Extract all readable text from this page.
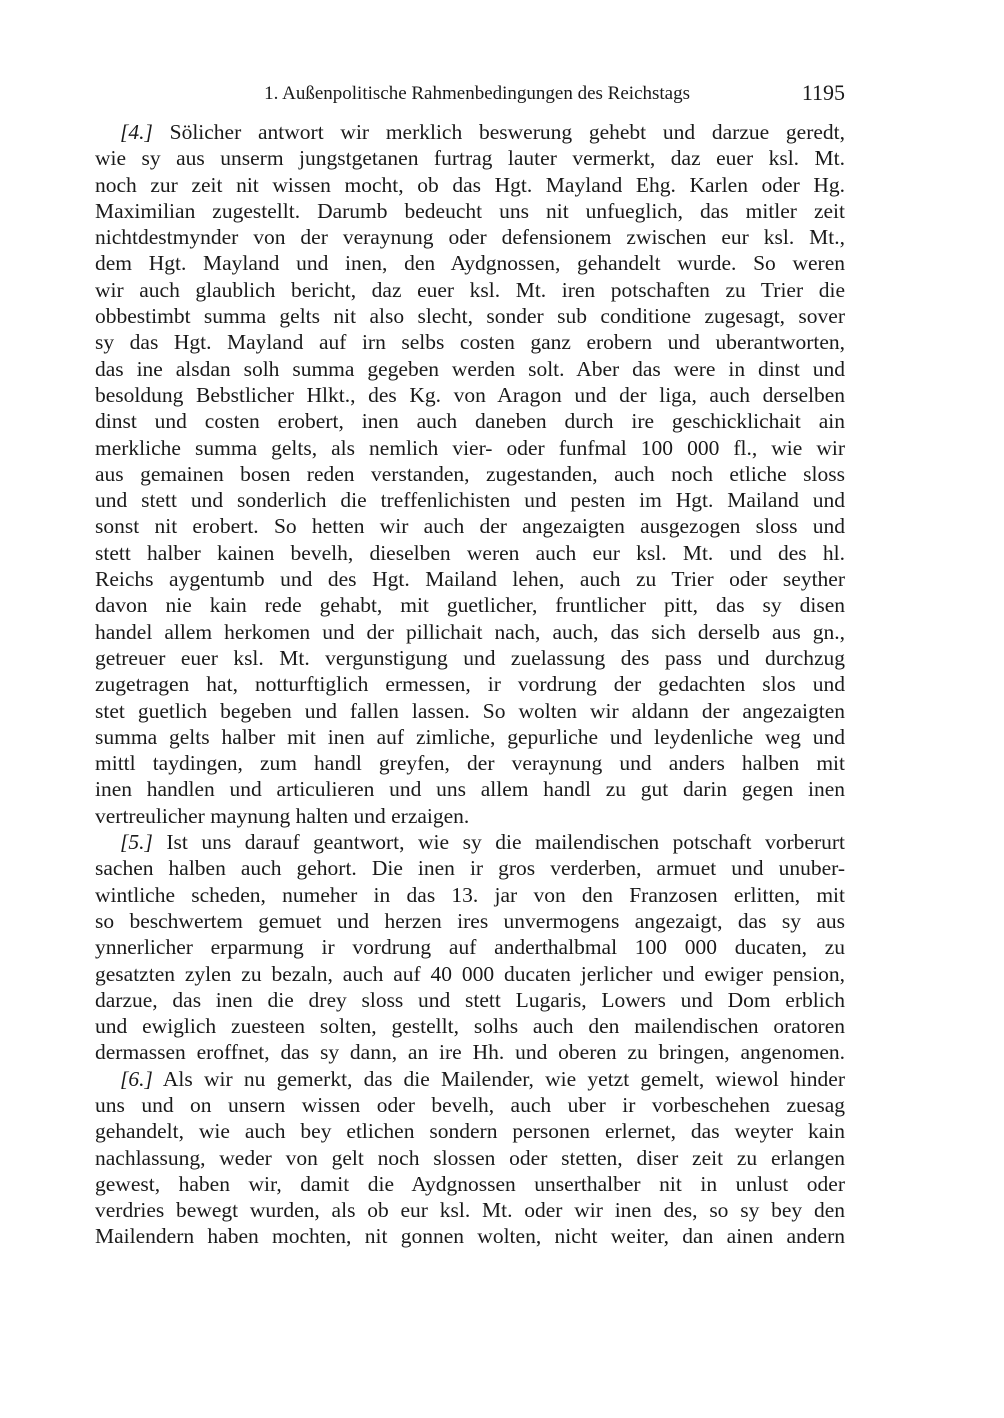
1. Außenpolitische Rahmenbedingungen des Reichstags	1195
[4.] Sölicher antwort wir merklich beswerung gehebt und darzue geredt,
wie sy aus unserm jungstgetanen furtrag lauter vermerkt, daz euer ksl. Mt.
noch zur zeit nit wissen mocht, ob das Hgt. Mayland Ehg. Karlen oder Hg.
Maximilian zugestellt. Darumb bedeucht uns nit unfueglich, das mitler zeit
nichtdestmynder von der veraynung oder defensionem zwischen eur ksl. Mt.,
dem Hgt. Mayland und inen, den Aydgnossen, gehandelt wurde. So weren
wir auch glaublich bericht, daz euer ksl. Mt. iren potschaften zu Trier die
obbestimbt summa gelts nit also slecht, sonder sub conditione zugesagt, sover
sy das Hgt. Mayland auf irn selbs costen ganz erobern und uberantworten,
das ine alsdan solh summa gegeben werden solt. Aber das were in dinst und
besoldung Bebstlicher Hlkt., des Kg. von Aragon und der liga, auch derselben
dinst und costen erobert, inen auch daneben durch ire geschicklichait ain
merkliche summa gelts, als nemlich vier- oder funfmal 100 000 fl., wie wir
aus gemainen bosen reden verstanden, zugestanden, auch noch etliche sloss
und stett und sonderlich die treffenlichisten und pesten im Hgt. Mailand und
sonst nit erobert. So hetten wir auch der angezaigten ausgezogen sloss und
stett halber kainen bevelh, dieselben weren auch eur ksl. Mt. und des hl.
Reichs aygentumb und des Hgt. Mailand lehen, auch zu Trier oder seyther
davon nie kain rede gehabt, mit guetlicher, fruntlicher pitt, das sy disen
handel allem herkomen und der pillichait nach, auch, das sich derselb aus gn.,
getreuer euer ksl. Mt. vergunstigung und zuelassung des pass und durchzug
zugetragen hat, notturftiglich ermessen, ir vordrung der gedachten slos und
stet guetlich begeben und fallen lassen. So wolten wir aldann der angezaigten
summa gelts halber mit inen auf zimliche, gepurliche und leydenliche weg und
mittl taydingen, zum handl greyfen, der veraynung und anders halben mit
inen handlen und articulieren und uns allem handl zu gut darin gegen inen
vertreulicher maynung halten und erzaigen.
[5.] Ist uns darauf geantwort, wie sy die mailendischen potschaft vorberurt
sachen halben auch gehort. Die inen ir gros verderben, armuet und unuber-
wintliche scheden, numeher in das 13. jar von den Franzosen erlitten, mit
so beschwertem gemuet und herzen ires unvermogens angezaigt, das sy aus
ynnerlicher erparmung ir vordrung auf anderthalbmal 100 000 ducaten, zu
gesatzten zylen zu bezaln, auch auf 40 000 ducaten jerlicher und ewiger pension,
darzue, das inen die drey sloss und stett Lugaris, Lowers und Dom erblich
und ewiglich zuesteen solten, gestellt, solhs auch den mailendischen oratoren
dermassen eroffnet, das sy dann, an ire Hh. und oberen zu bringen, angenomen.
[6.] Als wir nu gemerkt, das die Mailender, wie yetzt gemelt, wiewol hinder
uns und on unsern wissen oder bevelh, auch uber ir vorbeschehen zuesag
gehandelt, wie auch bey etlichen sondern personen erlernet, das weyter kain
nachlassung, weder von gelt noch slossen oder stetten, diser zeit zu erlangen
gewest, haben wir, damit die Aydgnossen unserthalber nit in unlust oder
verdries bewegt wurden, als ob eur ksl. Mt. oder wir inen des, so sy bey den
Mailendern haben mochten, nit gonnen wolten, nicht weiter, dan ainen andern
